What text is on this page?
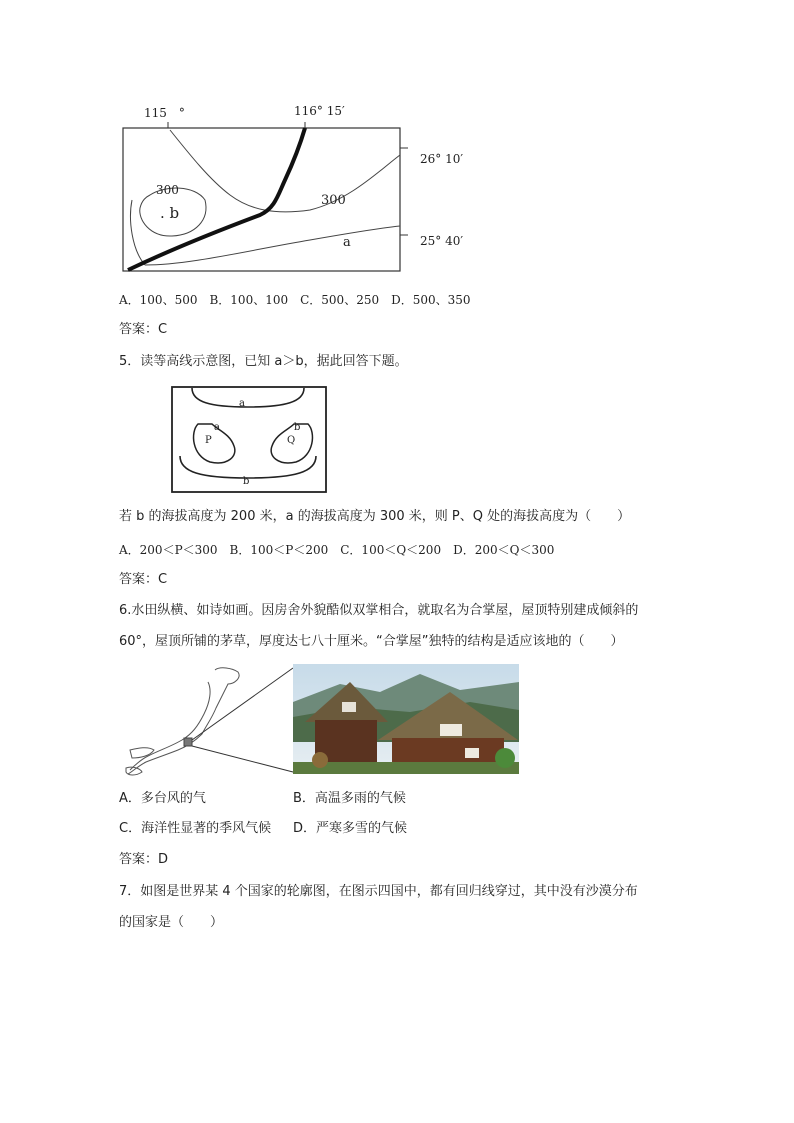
115　°	116° 15′
26° 10′
25° 40′
300
300
. b
a
A．100、500　B．100、100　C．500、250　D．500、350
答案：C
5．读等高线示意图，已知 a＞b，据此回答下题。
a
a
P
b
Q
b
若 b 的海拔高度为 200 米，a 的海拔高度为 300 米，则 P、Q 处的海拔高度为（　　）
A．200＜P＜300　B．100＜P＜200　C．100＜Q＜200　D．200＜Q＜300
答案：C
6.水田纵横、如诗如画。因房舍外貌酷似双掌相合，就取名为合掌屋，屋顶特别建成倾斜的
60°，屋顶所铺的茅草，厚度达七八十厘米。“合掌屋”独特的结构是适应该地的（　　）
A．多台风的气	B．高温多雨的气候
C．海洋性显著的季风气候 D．严寒多雪的气候
答案：D
7．如图是世界某 4 个国家的轮廓图，在图示四国中，都有回归线穿过，其中没有沙漠分布
的国家是（　　）
